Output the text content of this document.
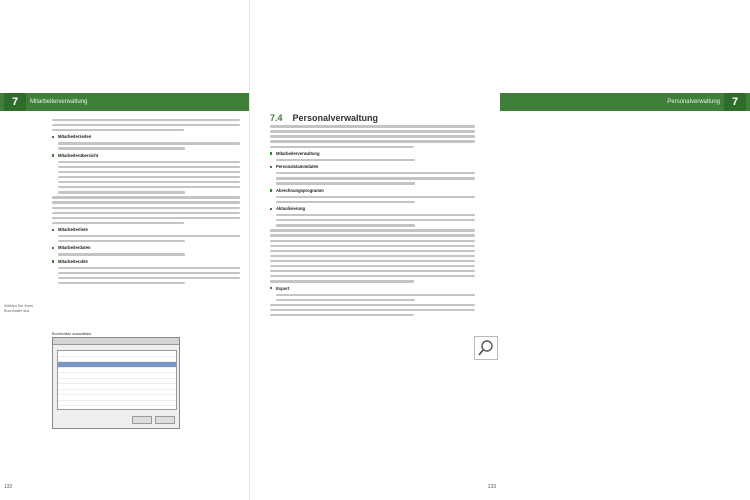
7	Mitarbeiterverwaltung
Mitarbeiterzeiten
Mitarbeiterübersicht
Mitarbeiterliste
Mitarbeiterdaten
Mitarbeiterakte
Wählen Sie Ihren Buchhalter aus.
Buchhalter auswählen
132
Personalverwaltung	7
7.4 Personalverwaltung
Mitarbeiterverwaltung
Personalstammdaten
Abrechnungsprogramm
Aktualisierung
Export
133
